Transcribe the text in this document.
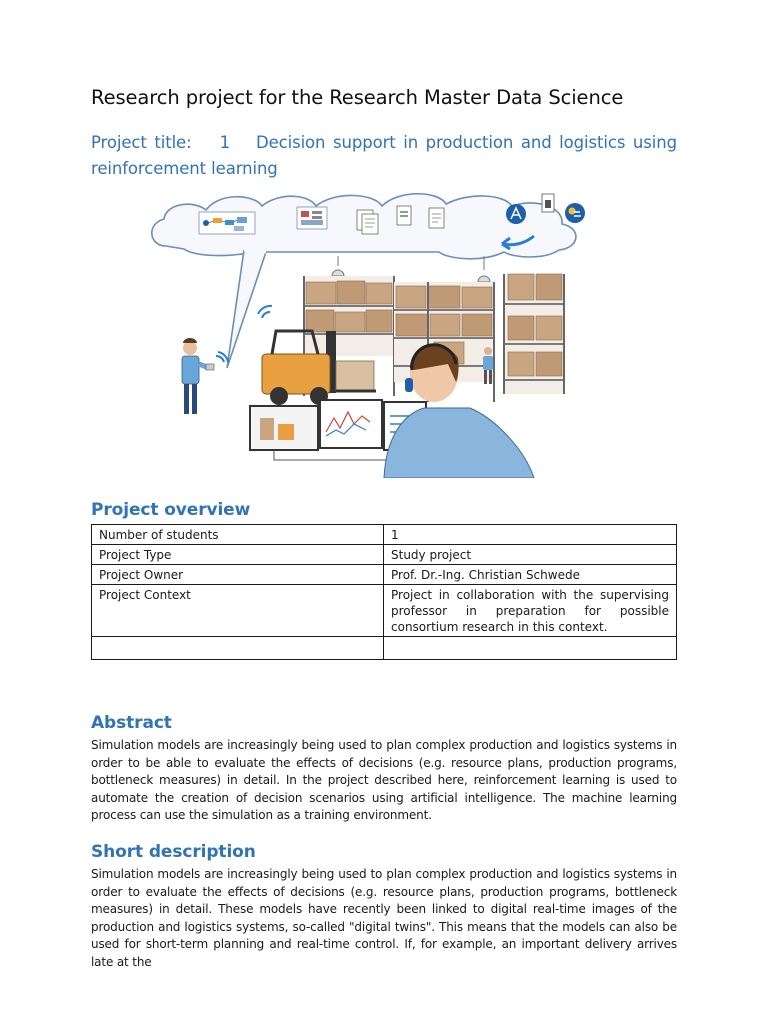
Research project for the Research Master Data Science

Project title: 1 Decision support in production and logistics using reinforcement learning

Project overview
Number of students	1
Project Type	Study project
Project Owner	Prof. Dr.-Ing. Christian Schwede
Project Context	Project in collaboration with the supervising professor in preparation for possible consortium research in this context.

Abstract

Simulation models are increasingly being used to plan complex production and logistics systems in order to be able to evaluate the effects of decisions (e.g. resource plans, production programs, bottleneck measures) in detail. In the project described here, reinforcement learning is used to automate the creation of decision scenarios using artificial intelligence. The machine learning process can use the simulation as a training environment.

Short description

Simulation models are increasingly being used to plan complex production and logistics systems in order to evaluate the effects of decisions (e.g. resource plans, production programs, bottleneck measures) in detail. These models have recently been linked to digital real-time images of the production and logistics systems, so-called "digital twins". This means that the models can also be used for short-term planning and real-time control. If, for example, an important delivery arrives late at the
